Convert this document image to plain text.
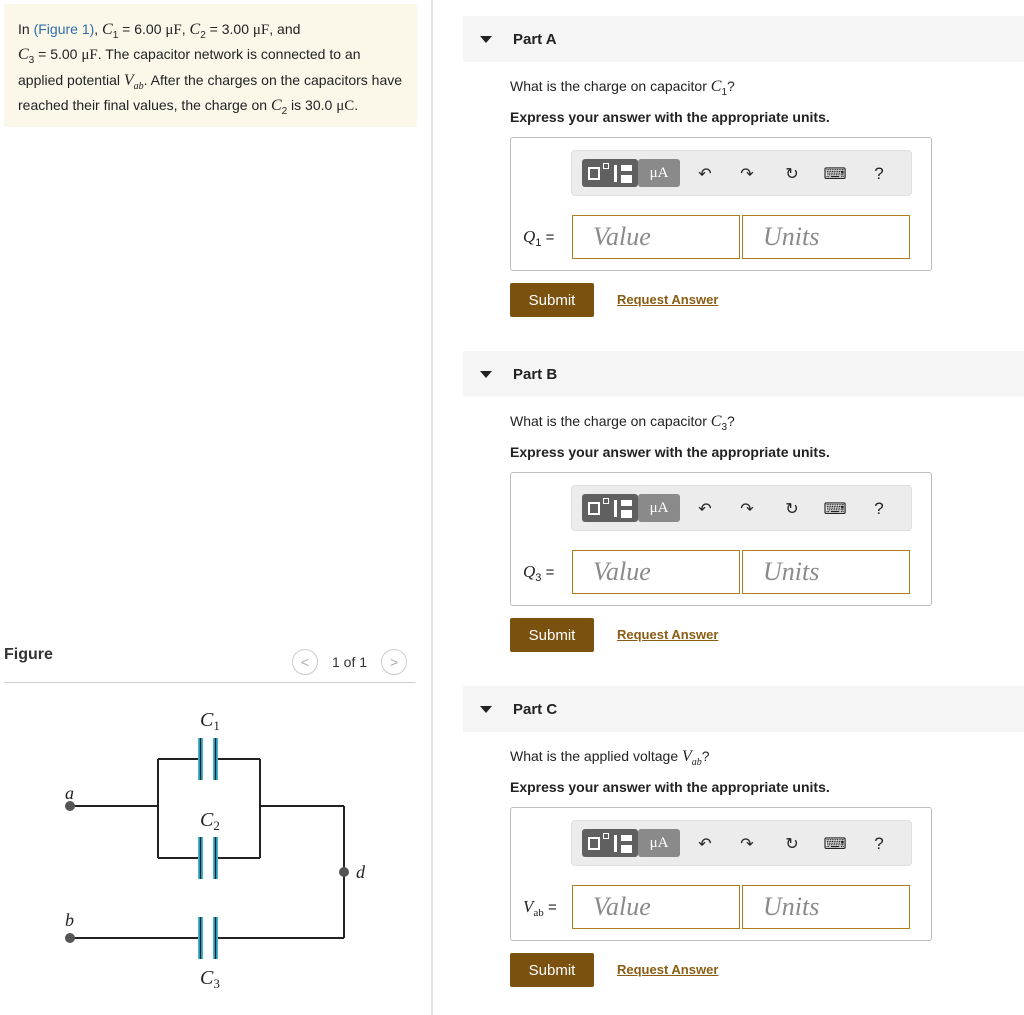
In (Figure 1), $C_1 = 6.00$ μF, $C_2 = 3.00$ μF, and
$C_3 = 5.00$ μF. The capacitor network is connected to an applied potential $V_{ab}$. After the charges on the capacitors have reached their final values, the charge on $C_2$ is 30.0 μC.
Figure	<	1 of 1	>
$C_1$
$C_2$
$C_3$
a
b
d
Part A
What is the charge on capacitor $C_1$?
Express your answer with the appropriate units.
μA	↶ ↷ ↻ ⌨	?
$Q_1$ =
Value
Units
Submit	Request Answer
Part B
What is the charge on capacitor $C_3$?
Express your answer with the appropriate units.
μA	↶ ↷ ↻ ⌨	?
$Q_3$ =
Value
Units
Submit	Request Answer
Part C
What is the applied voltage $V_{ab}$?
Express your answer with the appropriate units.
μA	↶ ↷ ↻ ⌨	?
$V_{ab}$ =
Value
Units
Submit	Request Answer
